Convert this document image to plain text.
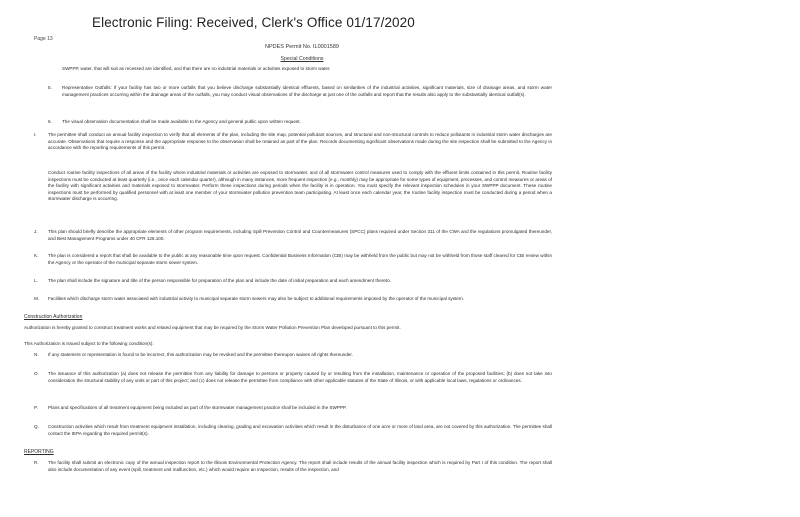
Electronic Filing: Received, Clerk's Office 01/17/2020
Page 13
NPDES Permit No. IL0001589
Special Conditions

SWPPP, water, that will suit as recessed are identified, and that there are no industrial materials or activities exposed to storm water.

5. Representative Outfalls: If your facility has two or more outfalls that you believe discharge substantially identical effluents, based on similarities of the industrial activities, significant materials, size of drainage areas, and storm water management practices occurring within the drainage areas of the outfalls, you may conduct visual observations of the discharge at just one of the outfalls and report that the results also apply to the substantially identical outfall(s).

6. The visual observation documentation shall be made available to the Agency and general public upon written request.

I. The permittee shall conduct an annual facility inspection to verify that all elements of the plan, including the site map, potential pollutant sources, and structural and non-structural controls to reduce pollutants in industrial storm water discharges are accurate. Observations that require a response and the appropriate response to the observation shall be retained as part of the plan. Records documenting significant observations made during the site inspection shall be submitted to the Agency in accordance with the reporting requirements of this permit.

Conduct routine facility inspections of all areas of the facility where industrial materials or activities are exposed to stormwater, and of all stormwater control measures used to comply with the effluent limits contained in this permit. Routine facility inspections must be conducted at least quarterly (i.e., once each calendar quarter), although in many instances, more frequent inspection (e.g., monthly) may be appropriate for some types of equipment, processes, and control measures or areas of the facility with significant activities and materials exposed to stormwater. Perform these inspections during periods when the facility is in operation. You must specify the relevant inspection schedules in your SWPPP document. These routine inspections must be performed by qualified personnel with at least one member of your stormwater pollution prevention team participating. At least once each calendar year, the routine facility inspection must be conducted during a period when a stormwater discharge is occurring.

J. This plan should briefly describe the appropriate elements of other program requirements, including Spill Prevention Control and Countermeasures (SPCC) plans required under Section 311 of the CWA and the regulations promulgated thereunder, and Best Management Programs under 40 CFR 125.100.

K. The plan is considered a report that shall be available to the public at any reasonable time upon request. Confidential Business Information (CBI) may be withheld from the public but may not be withheld from those staff cleared for CBI review within the Agency or the operator of the municipal separate storm sewer system.

L. The plan shall include the signature and title of the person responsible for preparation of the plan and include the date of initial preparation and each amendment thereto.

M. Facilities which discharge storm water associated with industrial activity to municipal separate storm sewers may also be subject to additional requirements imposed by the operator of the municipal system.

Construction Authorization

Authorization is hereby granted to construct treatment works and related equipment that may be required by the Storm Water Pollution Prevention Plan developed pursuant to this permit.

This Authorization is issued subject to the following condition(s).

N. If any statement or representation is found to be incorrect, this authorization may be revoked and the permittee thereupon waives all rights thereunder.

O. The issuance of this authorization (a) does not release the permittee from any liability for damage to persons or property caused by or resulting from the installation, maintenance or operation of the proposed facilities; (b) does not take into consideration the structural stability of any units or part of this project; and (c) does not release the permittee from compliance with other applicable statutes of the State of Illinois, or with applicable local laws, regulations or ordinances.

P. Plans and specifications of all treatment equipment being included as part of the stormwater management practice shall be included in the SWPPP.

Q. Construction activities which result from treatment equipment installation, including clearing, grading and excavation activities which result in the disturbance of one acre or more of land area, are not covered by this authorization. The permittee shall contact the IEPA regarding the required permit(s).

REPORTING
R. The facility shall submit an electronic copy of the annual inspection report to the Illinois Environmental Protection Agency. The report shall include results of the annual facility inspection which is required by Part I of this condition. The report shall also include documentation of any event (spill, treatment unit malfunction, etc.) which would require an inspection, results of the inspection, and
